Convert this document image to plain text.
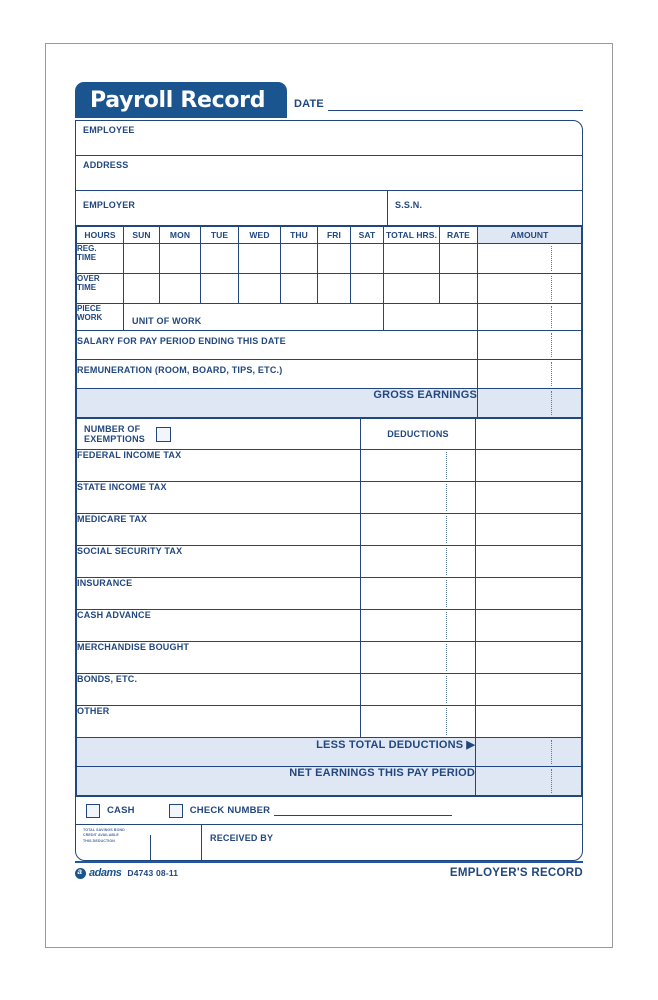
Payroll Record	DATE
EMPLOYEE
ADDRESS
EMPLOYER	S.S.N.
HOURS	SUN	MON	TUE	WED	THU	FRI	SAT	TOTAL HRS.	RATE	AMOUNT

REG.
TIME										

OVER
TIME										

PIECE
WORK	UNIT OF WORK									
SALARY FOR PAY PERIOD ENDING THIS DATE										
REMUNERATION (ROOM, BOARD, TIPS, ETC.)										
GROSS EARNINGS										
NUMBER OF
EXEMPTIONS	DEDUCTIONS	
FEDERAL INCOME TAX		
STATE INCOME TAX		
MEDICARE TAX		
SOCIAL SECURITY TAX		
INSURANCE		
CASH ADVANCE		
MERCHANDISE BOUGHT		
BONDS, ETC.		
OTHER		
LESS TOTAL DEDUCTIONS ▶		
NET EARNINGS THIS PAY PERIOD		
CASH	CHECK NUMBER
TOTAL SAVINGS BOND
CREDIT AVAILABLE
THIS DEDUCTION	RECEIVED BY
a
adams D4743 08-11	EMPLOYER'S RECORD
